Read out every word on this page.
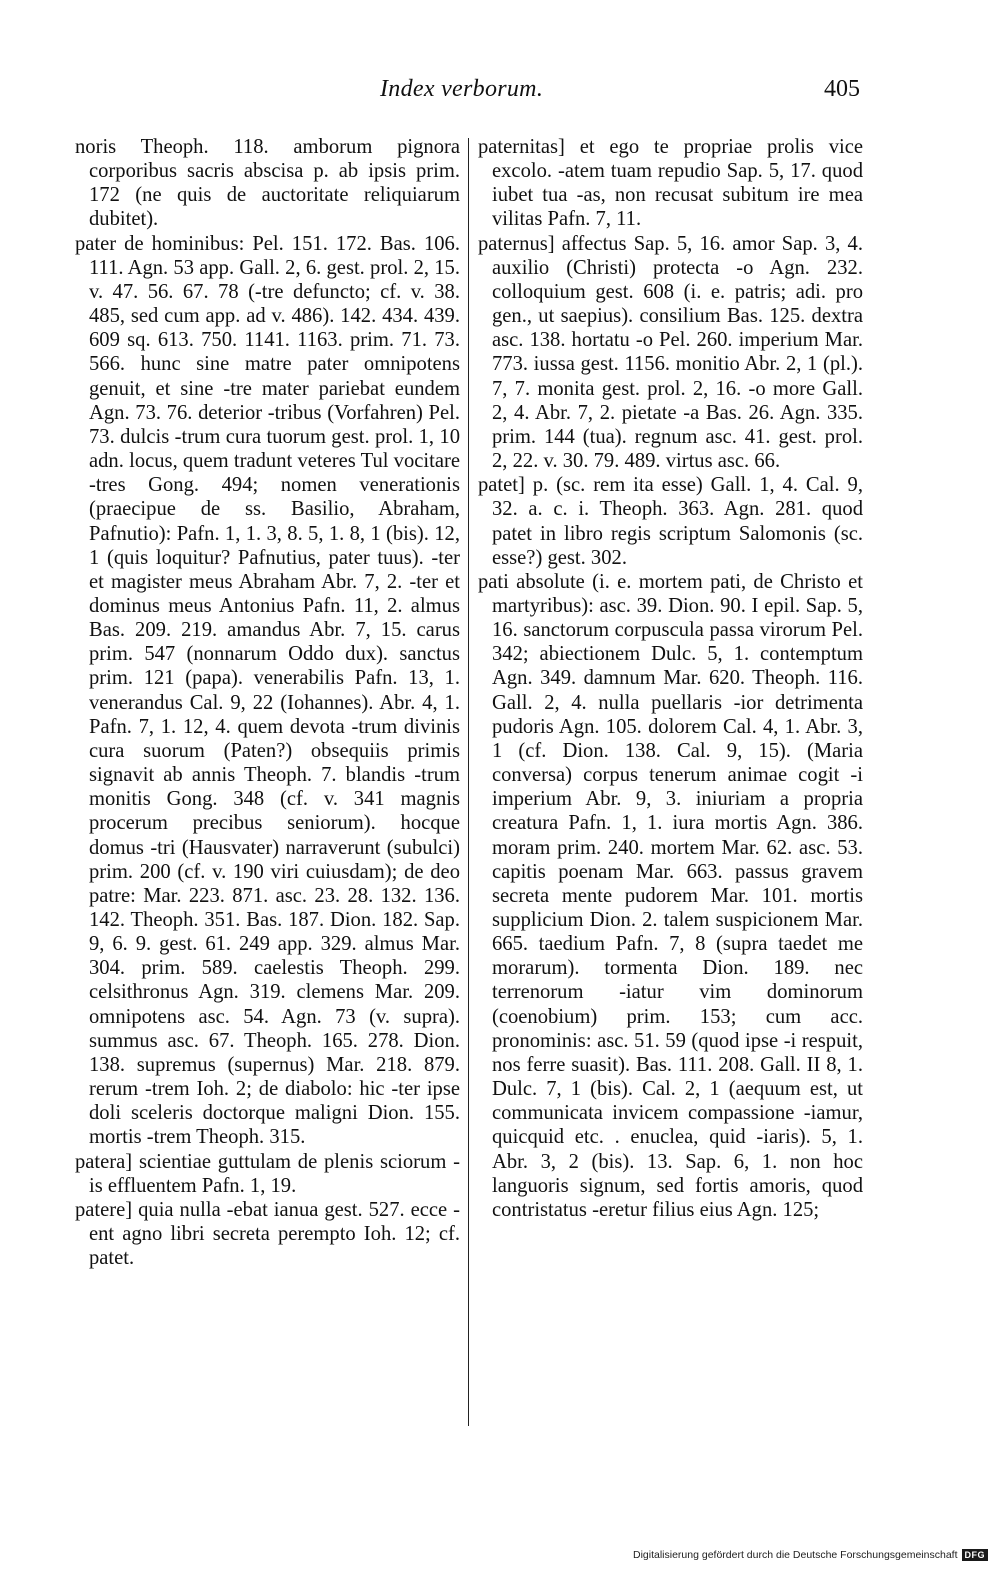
Index verborum.	405

noris Theoph. 118. amborum pignora corporibus sacris abscisa p. ab ipsis prim. 172 (ne quis de auctoritate reliquiarum dubitet).

pater de hominibus: Pel. 151. 172. Bas. 106. 111. Agn. 53 app. Gall. 2, 6. gest. prol. 2, 15. v. 47. 56. 67. 78 (-tre defuncto; cf. v. 38. 485, sed cum app. ad v. 486). 142. 434. 439. 609 sq. 613. 750. 1141. 1163. prim. 71. 73. 566. hunc sine matre pater omnipotens genuit, et sine -tre mater pariebat eundem Agn. 73. 76. deterior -tribus (Vorfahren) Pel. 73. dulcis -trum cura tuorum gest. prol. 1, 10 adn. locus, quem tradunt veteres Tul vocitare -tres Gong. 494; nomen venerationis (praecipue de ss. Basilio, Abraham, Pafnutio): Pafn. 1, 1. 3, 8. 5, 1. 8, 1 (bis). 12, 1 (quis loquitur? Pafnutius, pater tuus). -ter et magister meus Abraham Abr. 7, 2. -ter et dominus meus Antonius Pafn. 11, 2. almus Bas. 209. 219. amandus Abr. 7, 15. carus prim. 547 (nonnarum Oddo dux). sanctus prim. 121 (papa). venerabilis Pafn. 13, 1. venerandus Cal. 9, 22 (Iohannes). Abr. 4, 1. Pafn. 7, 1. 12, 4. quem devota -trum divinis cura suorum (Paten?) obsequiis primis signavit ab annis Theoph. 7. blandis -trum monitis Gong. 348 (cf. v. 341 magnis procerum precibus seniorum). hocque domus -tri (Hausvater) narraverunt (subulci) prim. 200 (cf. v. 190 viri cuiusdam); de deo patre: Mar. 223. 871. asc. 23. 28. 132. 136. 142. Theoph. 351. Bas. 187. Dion. 182. Sap. 9, 6. 9. gest. 61. 249 app. 329. almus Mar. 304. prim. 589. caelestis Theoph. 299. celsithronus Agn. 319. clemens Mar. 209. omnipotens asc. 54. Agn. 73 (v. supra). summus asc. 67. Theoph. 165. 278. Dion. 138. supremus (supernus) Mar. 218. 879. rerum -trem Ioh. 2; de diabolo: hic -ter ipse doli sceleris doctorque maligni Dion. 155. mortis -trem Theoph. 315.

patera] scientiae guttulam de plenis sciorum -is effluentem Pafn. 1, 19.

patere] quia nulla -ebat ianua gest. 527. ecce -ent agno libri secreta perempto Ioh. 12; cf. patet.

paternitas] et ego te propriae prolis vice excolo. -atem tuam repudio Sap. 5, 17. quod iubet tua -as, non recusat subitum ire mea vilitas Pafn. 7, 11.

paternus] affectus Sap. 5, 16. amor Sap. 3, 4. auxilio (Christi) protecta -o Agn. 232. colloquium gest. 608 (i. e. patris; adi. pro gen., ut saepius). consilium Bas. 125. dextra asc. 138. hortatu -o Pel. 260. imperium Mar. 773. iussa gest. 1156. monitio Abr. 2, 1 (pl.). 7, 7. monita gest. prol. 2, 16. -o more Gall. 2, 4. Abr. 7, 2. pietate -a Bas. 26. Agn. 335. prim. 144 (tua). regnum asc. 41. gest. prol. 2, 22. v. 30. 79. 489. virtus asc. 66.

patet] p. (sc. rem ita esse) Gall. 1, 4. Cal. 9, 32. a. c. i. Theoph. 363. Agn. 281. quod patet in libro regis scriptum Salomonis (sc. esse?) gest. 302.

pati absolute (i. e. mortem pati, de Christo et martyribus): asc. 39. Dion. 90. I epil. Sap. 5, 16. sanctorum corpuscula passa virorum Pel. 342; abiectionem Dulc. 5, 1. contemptum Agn. 349. damnum Mar. 620. Theoph. 116. Gall. 2, 4. nulla puellaris -ior detrimenta pudoris Agn. 105. dolorem Cal. 4, 1. Abr. 3, 1 (cf. Dion. 138. Cal. 9, 15). (Maria conversa) corpus tenerum animae cogit -i imperium Abr. 9, 3. iniuriam a propria creatura Pafn. 1, 1. iura mortis Agn. 386. moram prim. 240. mortem Mar. 62. asc. 53. capitis poenam Mar. 663. passus gravem secreta mente pudorem Mar. 101. mortis supplicium Dion. 2. talem suspicionem Mar. 665. taedium Pafn. 7, 8 (supra taedet me morarum). tormenta Dion. 189. nec terrenorum -iatur vim dominorum (coenobium) prim. 153; cum acc. pronominis: asc. 51. 59 (quod ipse -i respuit, nos ferre suasit). Bas. 111. 208. Gall. II 8, 1. Dulc. 7, 1 (bis). Cal. 2, 1 (aequum est, ut communicata invicem compassione -iamur, quicquid etc. . enuclea, quid -iaris). 5, 1. Abr. 3, 2 (bis). 13. Sap. 6, 1. non hoc languoris signum, sed fortis amoris, quod contristatus -eretur filius eius Agn. 125;

Digitalisierung gefördert durch die Deutsche Forschungsgemeinschaft DFG
